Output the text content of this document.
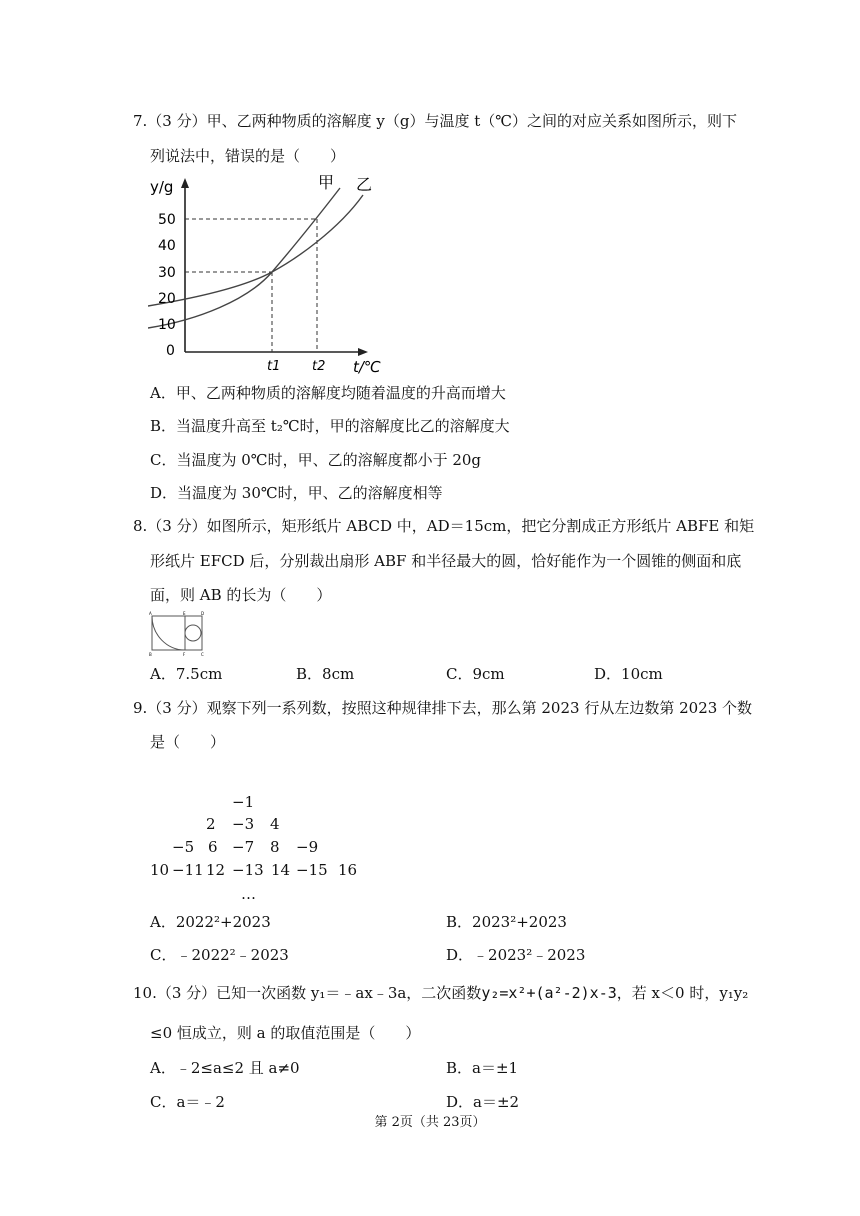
7.（3 分）甲、乙两种物质的溶解度 y（g）与温度 t（℃）之间的对应关系如图所示，则下
列说法中，错误的是（　　）
y/g
50
40
30
20
10
0
t1 t2 t/℃
甲 乙
A．甲、乙两种物质的溶解度均随着温度的升高而增大
B．当温度升高至 t₂℃时，甲的溶解度比乙的溶解度大
C．当温度为 0℃时，甲、乙的溶解度都小于 20g
D．当温度为 30℃时，甲、乙的溶解度相等
8.（3 分）如图所示，矩形纸片 ABCD 中，AD＝15cm，把它分割成正方形纸片 ABFE 和矩
形纸片 EFCD 后，分别裁出扇形 ABF 和半径最大的圆，恰好能作为一个圆锥的侧面和底
面，则 AB 的长为（　　）
A	E	D
B	F	C
A．7.5cm	B．8cm	C．9cm	D．10cm
9.（3 分）观察下列一系列数，按照这种规律排下去，那么第 2023 行从左边数第 2023 个数
是（　　）
−1
2 −3 4
−5 6 −7 8 −9
10 −11 12 −13 14 −15 16
…
A．2022²+2023	B．2023²+2023
C．﹣2022²﹣2023	D．﹣2023²﹣2023
10.（3 分）已知一次函数 y₁＝﹣ax﹣3a，二次函数y₂=x²+(a²-2)x-3，若 x＜0 时，y₁y₂
≤0 恒成立，则 a 的取值范围是（　　）
A．﹣2≤a≤2 且 a≠0	B．a＝±1
C．a＝﹣2	D．a＝±2
第 2页（共 23页）
